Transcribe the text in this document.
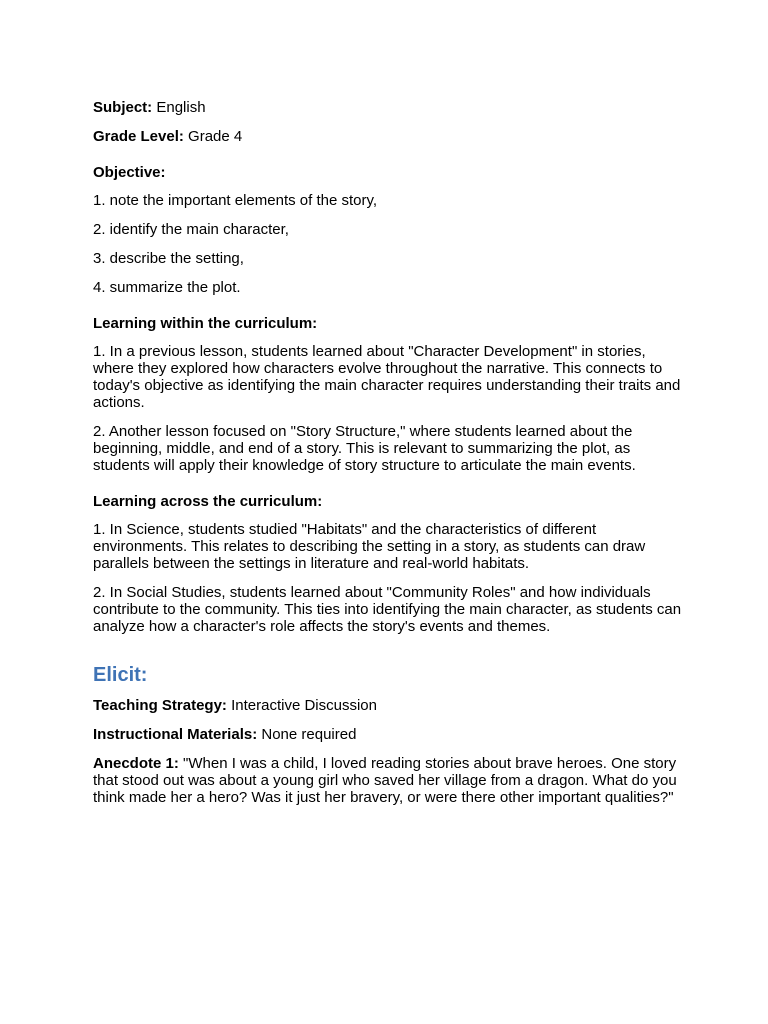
Subject: English

Grade Level: Grade 4

Objective:

1. note the important elements of the story,

2. identify the main character,

3. describe the setting,

4. summarize the plot.

Learning within the curriculum:

1. In a previous lesson, students learned about "Character Development" in stories, where they explored how characters evolve throughout the narrative. This connects to today's objective as identifying the main character requires understanding their traits and actions.

2. Another lesson focused on "Story Structure," where students learned about the beginning, middle, and end of a story. This is relevant to summarizing the plot, as students will apply their knowledge of story structure to articulate the main events.

Learning across the curriculum:

1. In Science, students studied "Habitats" and the characteristics of different environments. This relates to describing the setting in a story, as students can draw parallels between the settings in literature and real-world habitats.

2. In Social Studies, students learned about "Community Roles" and how individuals contribute to the community. This ties into identifying the main character, as students can analyze how a character's role affects the story's events and themes.

Elicit:

Teaching Strategy: Interactive Discussion

Instructional Materials: None required

Anecdote 1: "When I was a child, I loved reading stories about brave heroes. One story that stood out was about a young girl who saved her village from a dragon. What do you think made her a hero? Was it just her bravery, or were there other important qualities?"
